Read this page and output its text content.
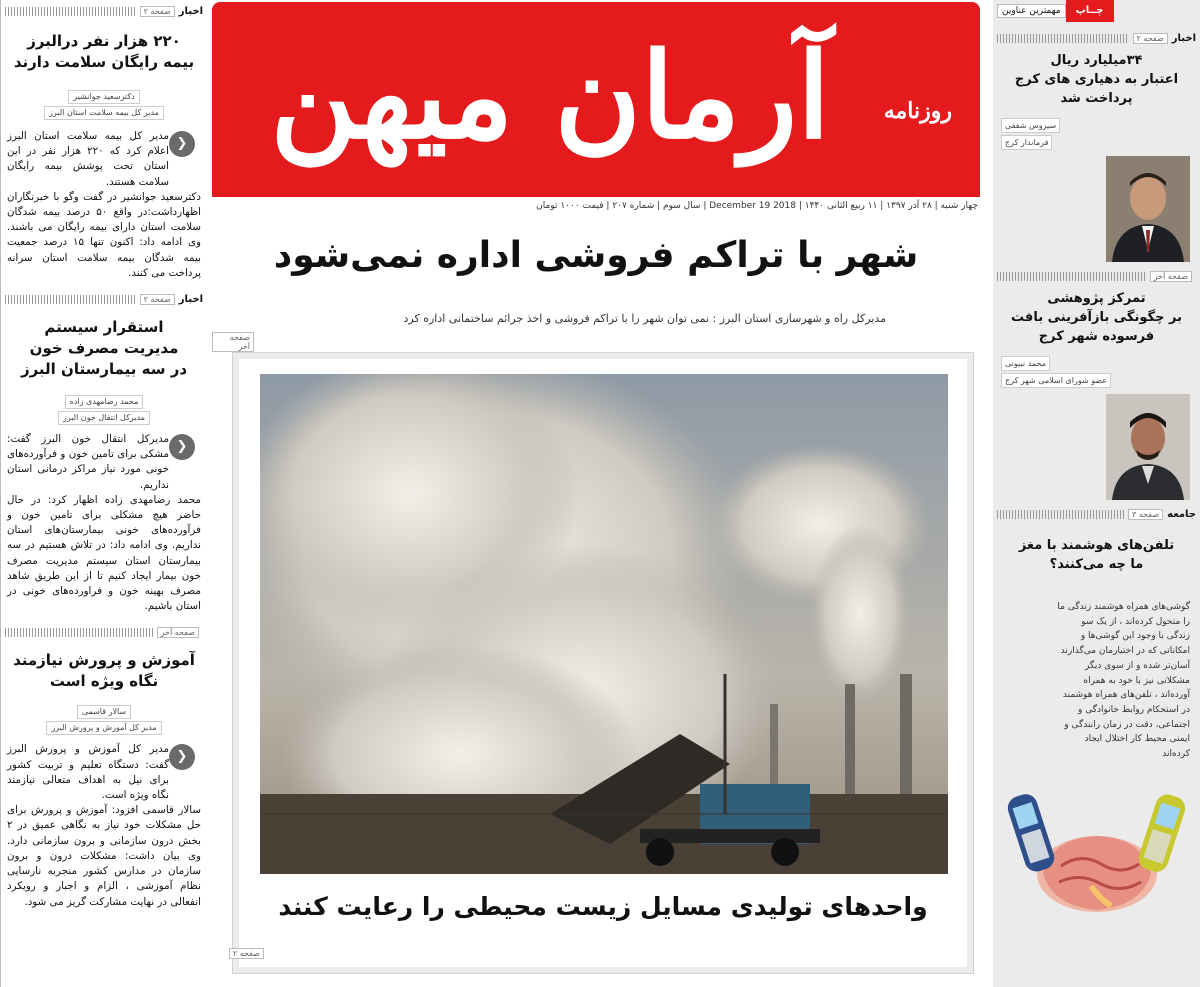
اخبار
صفحه ۲
۲۲۰ هزار نفر درالبرز
بیمه رایگان سلامت دارند
دکترسعید جوانشیر
مدیر کل بیمه سلامت استان البرز
❮
مدیر کل بیمه سلامت استان البرز اعلام کرد که ۲۲۰ هزار نفر در این استان تحت پوشش بیمه رایگان سلامت هستند.
دکترسعید جوانشیر در گفت وگو با خبرنگاران اظهارداشت:در واقع ۵۰ درصد بیمه شدگان سلامت استان دارای بیمه رایگان می باشند. وی ادامه داد: اکنون تنها ۱۵ درصد جمعیت بیمه شدگان بیمه سلامت استان سرانه پرداخت می کنند.
اخبار
صفحه ۲
استقرار سیستم
مدیریت مصرف خون
در سه بیمارستان البرز
محمد رضامهدی زاده
مدیرکل انتقال خون البرز
❮
مدیرکل انتقال خون البرز گفت: مشکی برای تامین خون و فرآورده‌های خونی مورد نیاز مراکز درمانی استان نداریم.
محمد رضامهدی زاده اظهار کرد: در حال حاضر هیچ مشکلی برای تامین خون و فرآورده‌های خونی بیمارستان‌های استان نداریم. وی ادامه داد: در تلاش هستیم در سه بیمارستان استان سیستم مدیریت مصرف خون بیمار ایجاد کنیم تا از این طریق شاهد مصرف بهینه خون و فراورده‌های خونی در استان باشیم.
صفحه آخر
آموزش و پرورش نیازمند
نگاه ویژه است
سالار قاسمی
مدیر کل آموزش و پرورش البرز
❮
مدیر کل آموزش و پرورش البرز گفت: دستگاه تعلیم و تربیت کشور برای نیل به اهداف متعالی نیازمند نگاه ویژه است.
سالار قاسمی افزود: آموزش و پرورش برای حل مشکلات خود نیاز به نگاهی عمیق در ۲ بخش درون سازمانی و برون سازمانی دارد. وی بیان داشت: مشکلات درون و برون سازمان در مدارس کشور منجربه نارسایی نظام آموزشی ، الزام و اجبار و رویکرد انفعالی در نهایت مشارکت گریز می شود.
آرمان میهن روزنامه
چهار شنبه | ۲۸ آذر ۱۳۹۷ | ۱۱ ربیع الثانی ۱۴۴۰ | December 19 2018 | سال سوم | شماره ۲۰۷ | قیمت ۱۰۰۰ تومان
شهر با تراکم فروشی اداره نمی‌شود
مدیرکل راه و شهرسازی استان البرز : نمی توان شهر را با تراکم فروشی و اخذ جرائم ساختمانی اداره کرد
صفحه آخر
واحدهای تولیدی مسایل زیست محیطی را رعایت کنند
صفحه ۲
چــاپ
مهمترین عناوین
اخبار
صفحه ۲
۳۴میلیارد ریال
اعتبار به دهیاری های کرج
پرداخت شد
سیروس شفقی
فرماندار کرج
صفحه آخر
تمرکز پژوهشی
بر چگونگی بازآفرینی بافت
فرسوده شهر کرج
محمد نبیونی
عضو شورای اسلامی شهر کرج
جامعه
صفحه ۳
تلفن‌های هوشمند با مغز
ما چه می‌کنند؟
گوشی‌های همراه هوشمند زندگی ما را متحول کرده‌اند ، از یک سو زندگی با وجود این گوشی‌ها و امکاناتی که در اختیارمان می‌گذارند آسان‌تر شده و از سوی دیگر مشکلاتی نیز با خود به همراه آورده‌اند ، تلفن‌های همراه هوشمند در استحکام روابط خانوادگی و اجتماعی، دقت در زمان رانندگی و ایمنی محیط کار اختلال ایجاد کرده‌اند
